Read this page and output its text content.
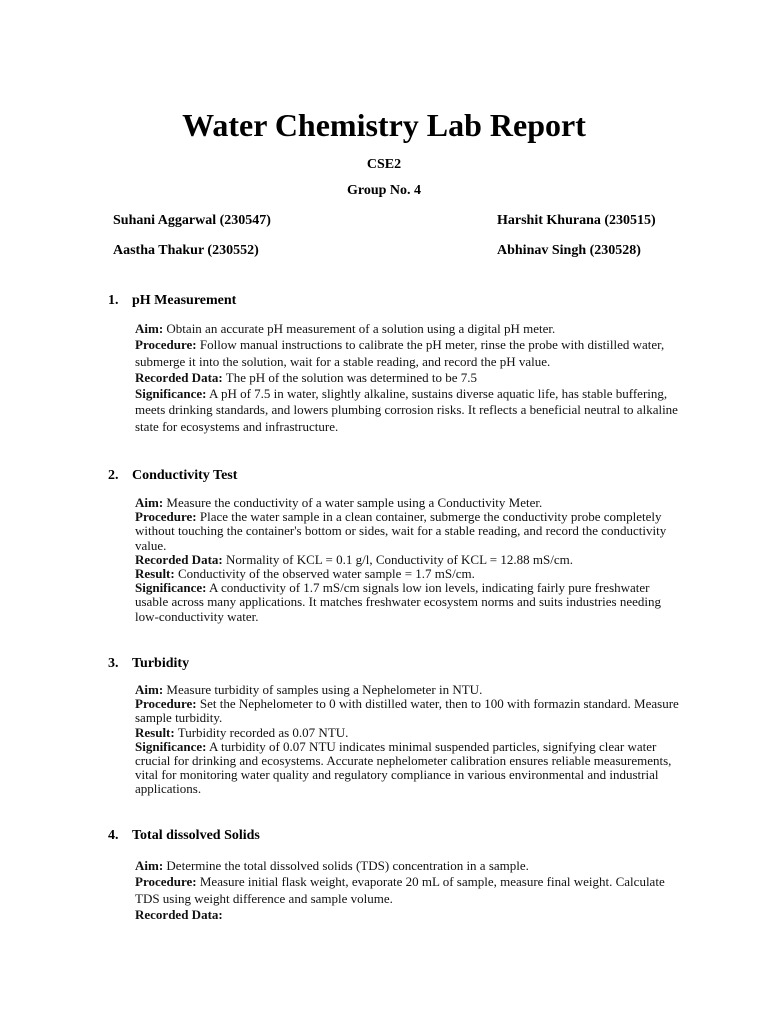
Water Chemistry Lab Report
CSE2
Group No. 4
Suhani Aggarwal (230547)	Harshit Khurana (230515)
Aastha Thakur (230552)	Abhinav Singh (230528)
1. pH Measurement

Aim: Obtain an accurate pH measurement of a solution using a digital pH meter.

Procedure: Follow manual instructions to calibrate the pH meter, rinse the probe with distilled water, submerge it into the solution, wait for a stable reading, and record the pH value.

Recorded Data: The pH of the solution was determined to be 7.5

Significance: A pH of 7.5 in water, slightly alkaline, sustains diverse aquatic life, has stable buffering, meets drinking standards, and lowers plumbing corrosion risks. It reflects a beneficial neutral to alkaline state for ecosystems and infrastructure.

2. Conductivity Test

Aim: Measure the conductivity of a water sample using a Conductivity Meter.

Procedure: Place the water sample in a clean container, submerge the conductivity probe completely without touching the container's bottom or sides, wait for a stable reading, and record the conductivity value.

Recorded Data: Normality of KCL = 0.1 g/l, Conductivity of KCL = 12.88 mS/cm.

Result: Conductivity of the observed water sample = 1.7 mS/cm.

Significance: A conductivity of 1.7 mS/cm signals low ion levels, indicating fairly pure freshwater usable across many applications. It matches freshwater ecosystem norms and suits industries needing low-conductivity water.

3. Turbidity

Aim: Measure turbidity of samples using a Nephelometer in NTU.

Procedure: Set the Nephelometer to 0 with distilled water, then to 100 with formazin standard. Measure sample turbidity.

Result: Turbidity recorded as 0.07 NTU.

Significance: A turbidity of 0.07 NTU indicates minimal suspended particles, signifying clear water crucial for drinking and ecosystems. Accurate nephelometer calibration ensures reliable measurements, vital for monitoring water quality and regulatory compliance in various environmental and industrial applications.

4. Total dissolved Solids

Aim: Determine the total dissolved solids (TDS) concentration in a sample.

Procedure: Measure initial flask weight, evaporate 20 mL of sample, measure final weight. Calculate TDS using weight difference and sample volume.

Recorded Data:
